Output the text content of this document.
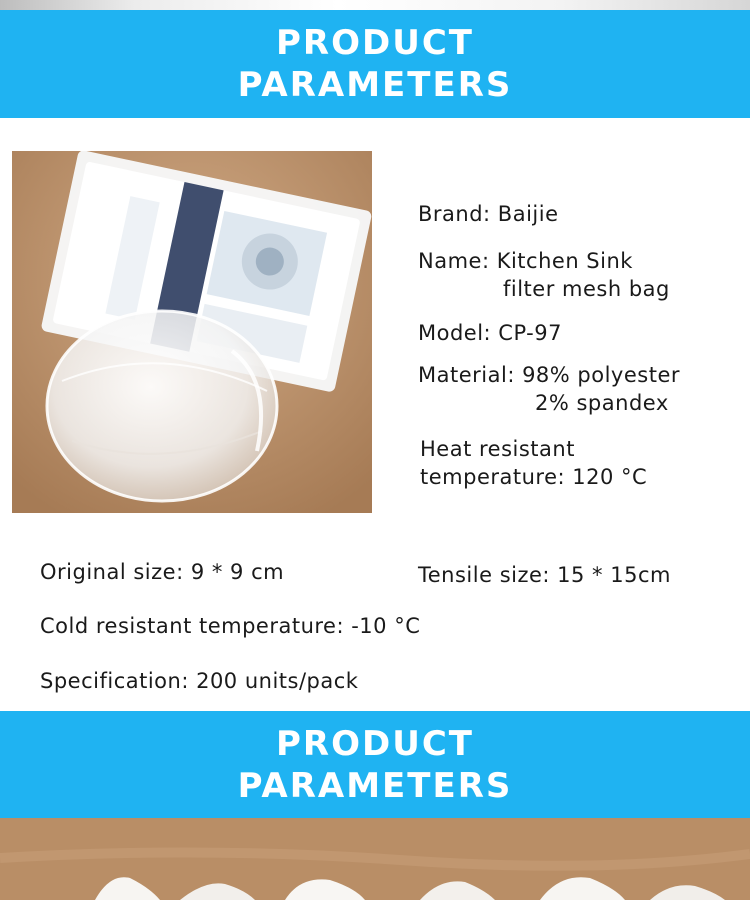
PRODUCT
PARAMETERS
Brand: Baijie
Name: Kitchen Sink
filter mesh bag
Model: CP-97
Material: 98% polyester
2% spandex
Heat resistant
temperature: 120 °C
Original size: 9 * 9 cm	Tensile size: 15 * 15cm
Cold resistant temperature: -10 °C
Specification: 200 units/pack
PRODUCT
PARAMETERS
